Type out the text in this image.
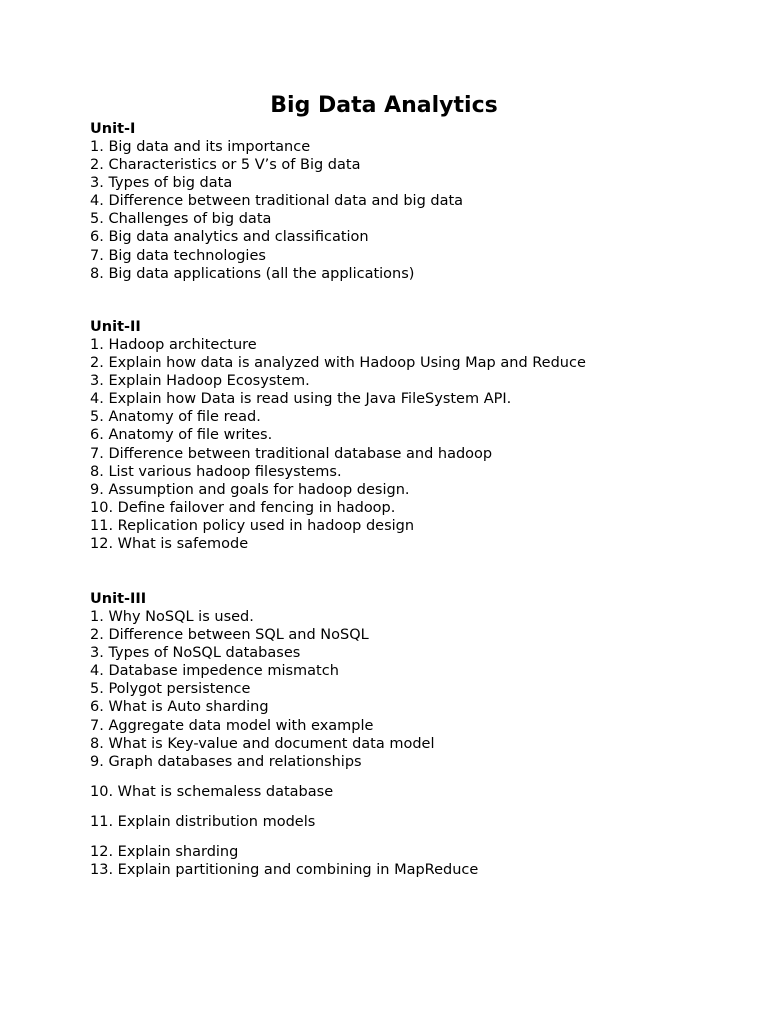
Big Data Analytics
Unit-I
1. Big data and its importance
2. Characteristics or 5 V’s of Big data
3. Types of big data
4. Difference between traditional data and big data
5. Challenges of big data
6. Big data analytics and classification
7. Big data technologies
8. Big data applications (all the applications)
Unit-II
1. Hadoop architecture
2. Explain how data is analyzed with Hadoop Using Map and Reduce
3. Explain Hadoop Ecosystem.
4. Explain how Data is read using the Java FileSystem API.
5. Anatomy of file read.
6. Anatomy of file writes.
7. Difference between traditional database and hadoop
8. List various hadoop filesystems.
9. Assumption and goals for hadoop design.
10. Define failover and fencing in hadoop.
11. Replication policy used in hadoop design
12. What is safemode
Unit-III
1. Why NoSQL is used.
2. Difference between SQL and NoSQL
3. Types of NoSQL databases
4. Database impedence mismatch
5. Polygot persistence
6. What is Auto sharding
7. Aggregate data model with example
8. What is Key-value and document data model
9. Graph databases and relationships
10. What is schemaless database
11. Explain distribution models
12. Explain sharding
13. Explain partitioning and combining in MapReduce
